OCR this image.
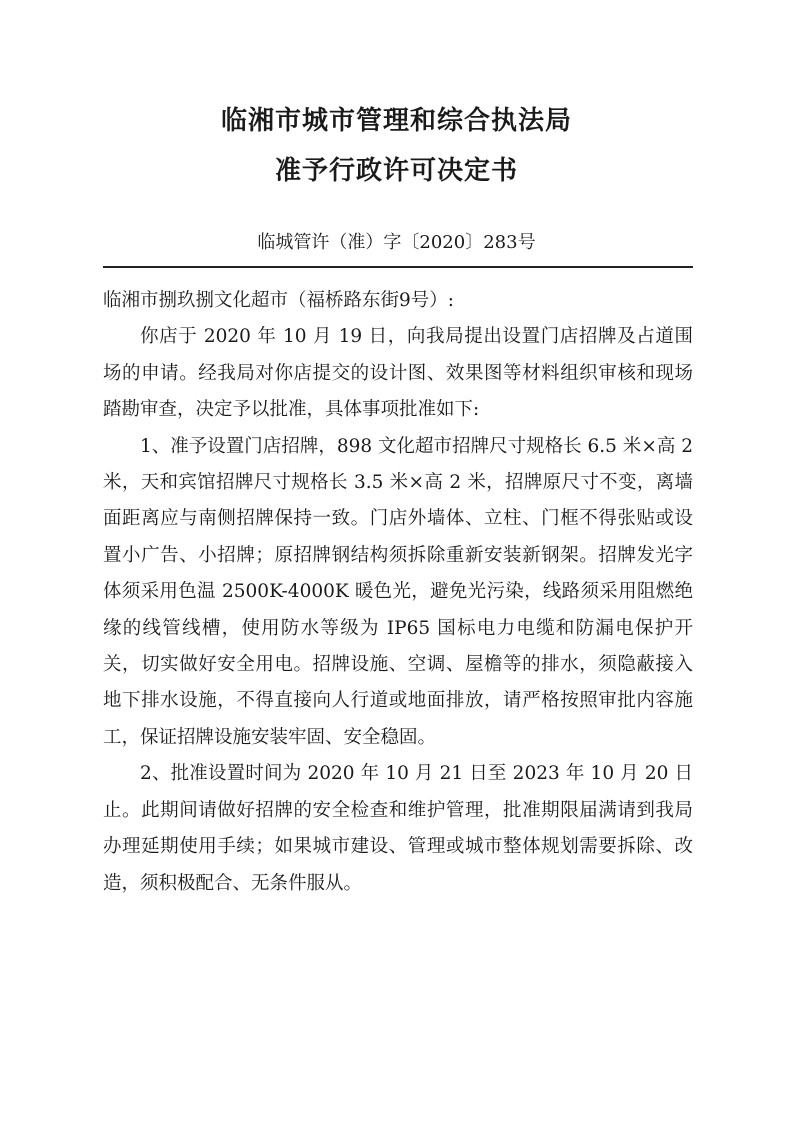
临湘市城市管理和综合执法局
准予行政许可决定书
临城管许（准）字〔2020〕283号

临湘市捌玖捌文化超市（福桥路东街9号）:

你店于 2020 年 10 月 19 日，向我局提出设置门店招牌及占道围场的申请。经我局对你店提交的设计图、效果图等材料组织审核和现场踏勘审查，决定予以批准，具体事项批准如下:

1、准予设置门店招牌，898 文化超市招牌尺寸规格长 6.5 米×高 2 米，天和宾馆招牌尺寸规格长 3.5 米×高 2 米，招牌原尺寸不变，离墙面距离应与南侧招牌保持一致。门店外墙体、立柱、门框不得张贴或设置小广告、小招牌；原招牌钢结构须拆除重新安装新钢架。招牌发光字体须采用色温 2500K-4000K 暖色光，避免光污染，线路须采用阻燃绝缘的线管线槽，使用防水等级为 IP65 国标电力电缆和防漏电保护开关，切实做好安全用电。招牌设施、空调、屋檐等的排水，须隐蔽接入地下排水设施，不得直接向人行道或地面排放，请严格按照审批内容施工，保证招牌设施安装牢固、安全稳固。

2、批准设置时间为 2020 年 10 月 21 日至 2023 年 10 月 20 日止。此期间请做好招牌的安全检查和维护管理，批准期限届满请到我局办理延期使用手续；如果城市建设、管理或城市整体规划需要拆除、改造，须积极配合、无条件服从。
